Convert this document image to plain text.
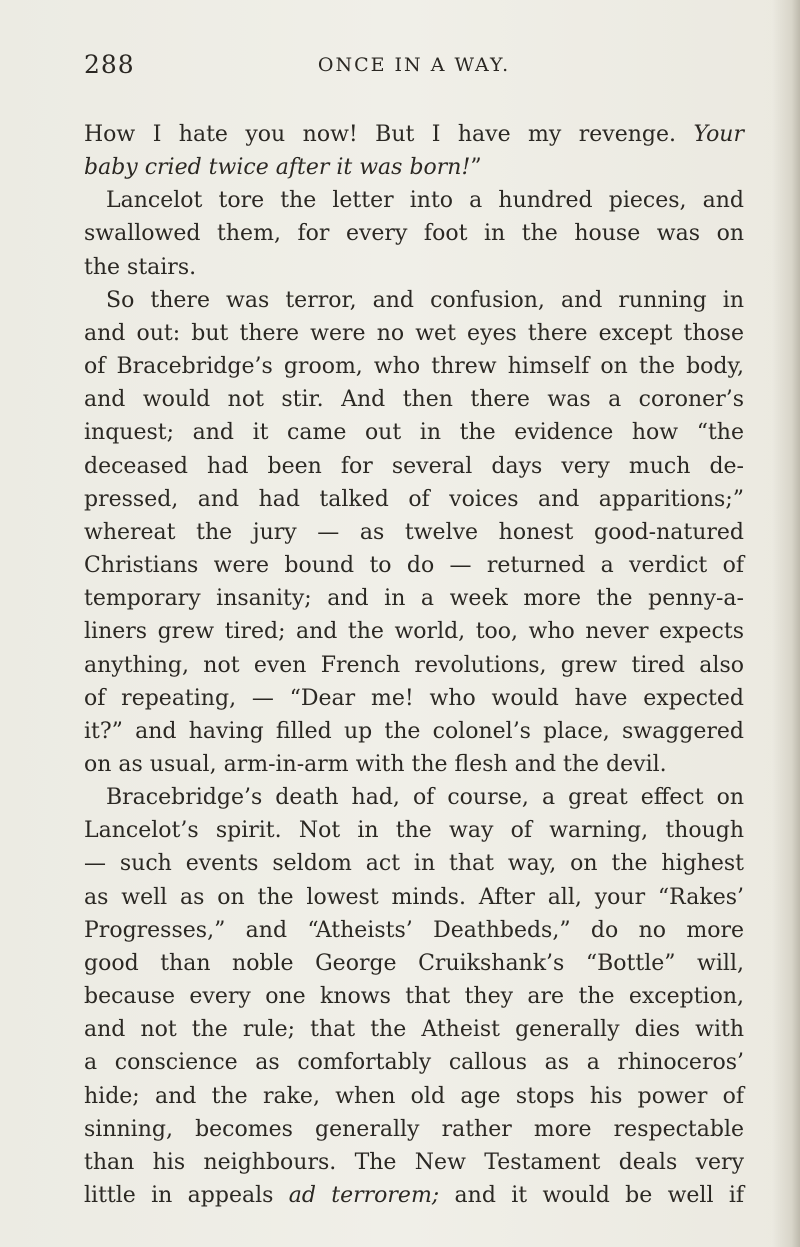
288	ONCE IN A WAY.
How I hate you now! But I have my revenge. Your
baby cried twice after it was born!”
Lancelot tore the letter into a hundred pieces, and
swallowed them, for every foot in the house was on
the stairs.
So there was terror, and confusion, and running in
and out: but there were no wet eyes there except those
of Bracebridge’s groom, who threw himself on the body,
and would not stir. And then there was a coroner’s
inquest; and it came out in the evidence how “the
deceased had been for several days very much de-
pressed, and had talked of voices and apparitions;”
whereat the jury — as twelve honest good-natured
Christians were bound to do — returned a verdict of
temporary insanity; and in a week more the penny-a-
liners grew tired; and the world, too, who never expects
anything, not even French revolutions, grew tired also
of repeating, — “Dear me! who would have expected
it?” and having filled up the colonel’s place, swaggered
on as usual, arm-in-arm with the flesh and the devil.
Bracebridge’s death had, of course, a great effect on
Lancelot’s spirit. Not in the way of warning, though
— such events seldom act in that way, on the highest
as well as on the lowest minds. After all, your “Rakes’
Progresses,” and “Atheists’ Deathbeds,” do no more
good than noble George Cruikshank’s “Bottle” will,
because every one knows that they are the exception,
and not the rule; that the Atheist generally dies with
a conscience as comfortably callous as a rhinoceros’
hide; and the rake, when old age stops his power of
sinning, becomes generally rather more respectable
than his neighbours. The New Testament deals very
little in appeals ad terrorem; and it would be well if
